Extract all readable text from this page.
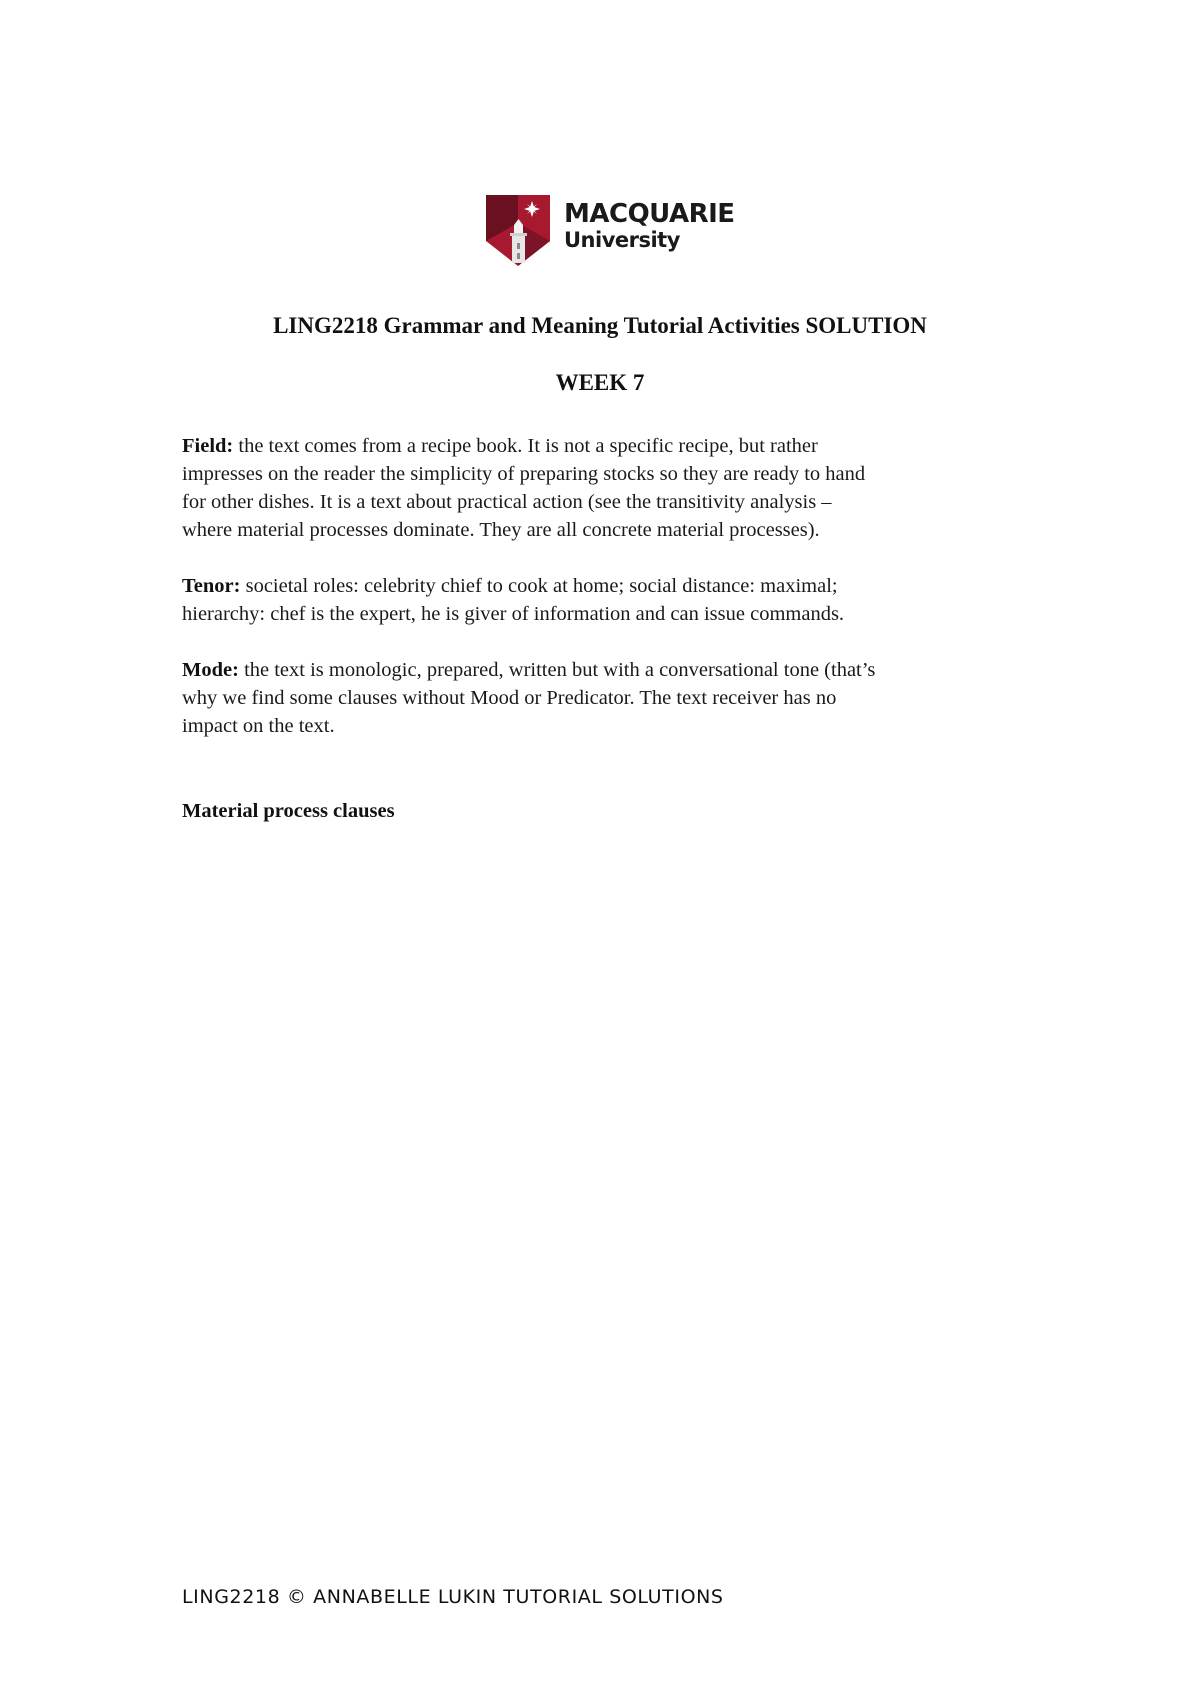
MACQUARIE
University
LING2218 Grammar and Meaning Tutorial Activities SOLUTION
WEEK 7
Field: the text comes from a recipe book. It is not a specific recipe, but rather
impresses on the reader the simplicity of preparing stocks so they are ready to hand
for other dishes. It is a text about practical action (see the transitivity analysis –
where material processes dominate. They are all concrete material processes).
Tenor: societal roles: celebrity chief to cook at home; social distance: maximal;
hierarchy: chef is the expert, he is giver of information and can issue commands.
Mode: the text is monologic, prepared, written but with a conversational tone (that’s
why we find some clauses without Mood or Predicator. The text receiver has no
impact on the text.
Material process clauses
LING2218 © ANNABELLE LUKIN TUTORIAL SOLUTIONS
